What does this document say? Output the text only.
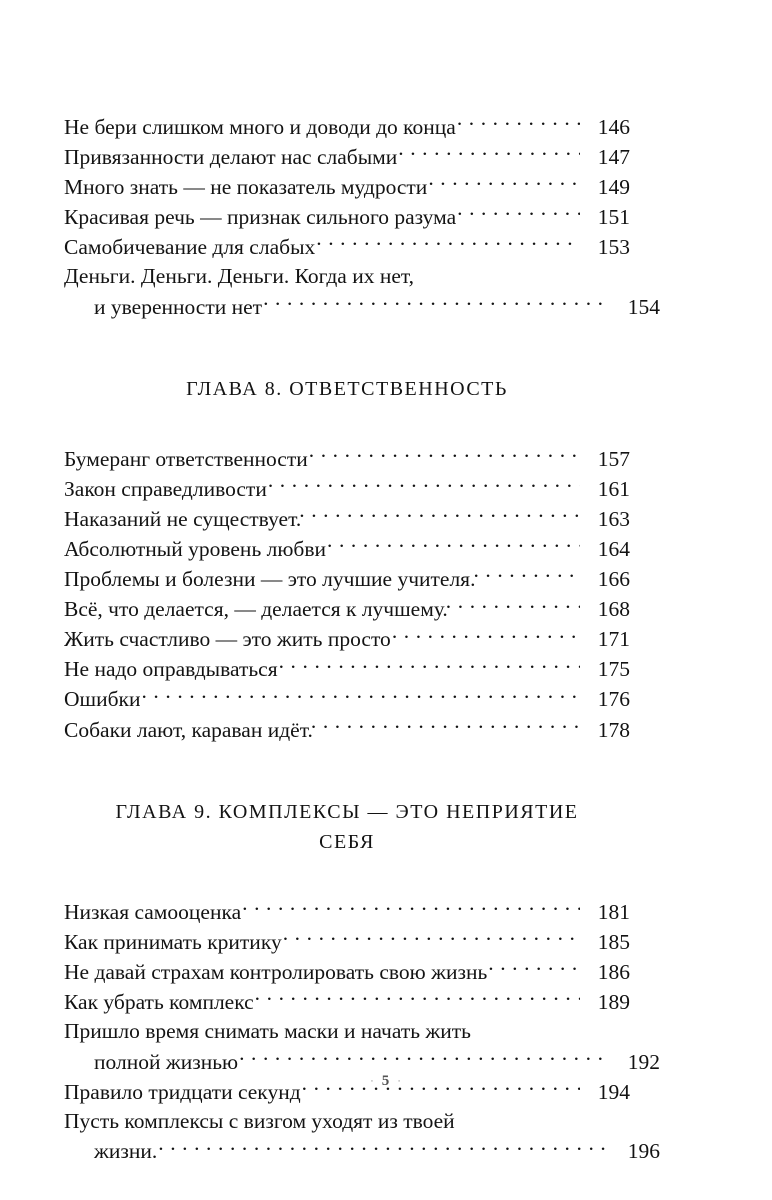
Не бери слишком много и доводи до конца . . .	146
Привязанности делают нас слабыми . . .	147
Много знать — не показатель мудрости . . .	149
Красивая речь — признак сильного разума . . .	151
Самобичевание для слабых . . .	153
Деньги. Деньги. Деньги. Когда их нет,
и уверенности нет . . .	154
ГЛАВА 8. ОТВЕТСТВЕННОСТЬ
Бумеранг ответственности . . .	157
Закон справедливости . . .	161
Наказаний не существует. . . .	163
Абсолютный уровень любви . . .	164
Проблемы и болезни — это лучшие учителя. . . .	166
Всё, что делается, — делается к лучшему. . . .	168
Жить счастливо — это жить просто . . .	171
Не надо оправдываться . . .	175
Ошибки . . .	176
Собаки лают, караван идёт. . . .	178
ГЛАВА 9. КОМПЛЕКСЫ — ЭТО НЕПРИЯТИЕ
СЕБЯ
Низкая самооценка . . .	181
Как принимать критику . . .	185
Не давай страхам контролировать свою жизнь . . .	186
Как убрать комплекс . . .	189
Пришло время снимать маски и начать жить
полной жизнью . . .	192
Правило тридцати секунд . . .	194
Пусть комплексы с визгом уходят из твоей
жизни. . . .	196
· 5 ·
